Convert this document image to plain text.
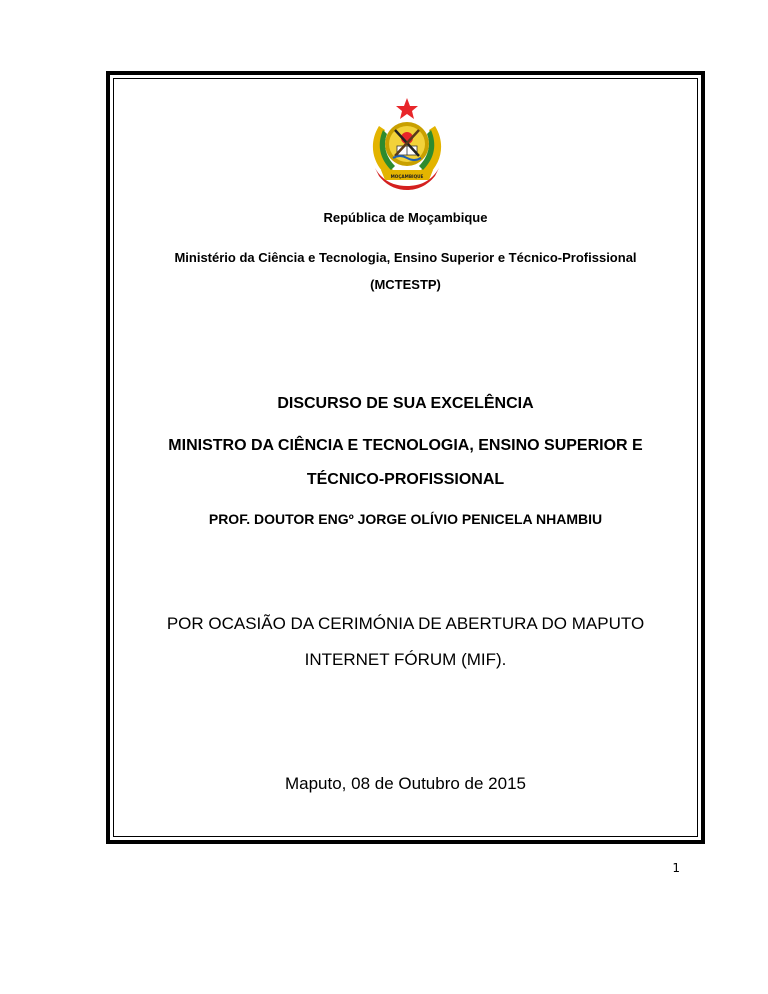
MOÇAMBIQUE
República de Moçambique
Ministério da Ciência e Tecnologia, Ensino Superior e Técnico-Profissional
(MCTESTP)
DISCURSO DE SUA EXCELÊNCIA
MINISTRO DA CIÊNCIA E TECNOLOGIA, ENSINO SUPERIOR E
TÉCNICO-PROFISSIONAL
PROF. DOUTOR ENGº JORGE OLÍVIO PENICELA NHAMBIU
POR OCASIÃO DA CERIMÓNIA DE ABERTURA DO MAPUTO
INTERNET FÓRUM (MIF).
Maputo, 08 de Outubro de 2015
1
